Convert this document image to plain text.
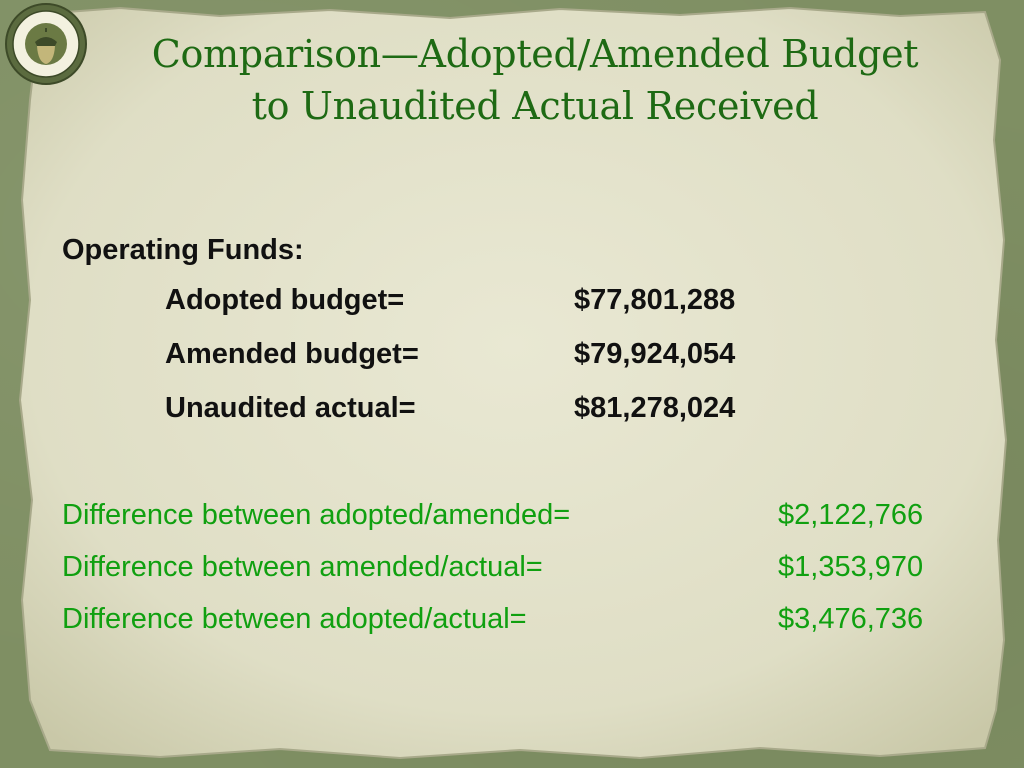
Comparison—Adopted/Amended Budget
to Unaudited Actual Received
Operating Funds:
Adopted budget=	$77,801,288
Amended budget=	$79,924,054
Unaudited actual=	$81,278,024
Difference between adopted/amended=	$2,122,766
Difference between amended/actual=	$1,353,970
Difference between adopted/actual=	$3,476,736
